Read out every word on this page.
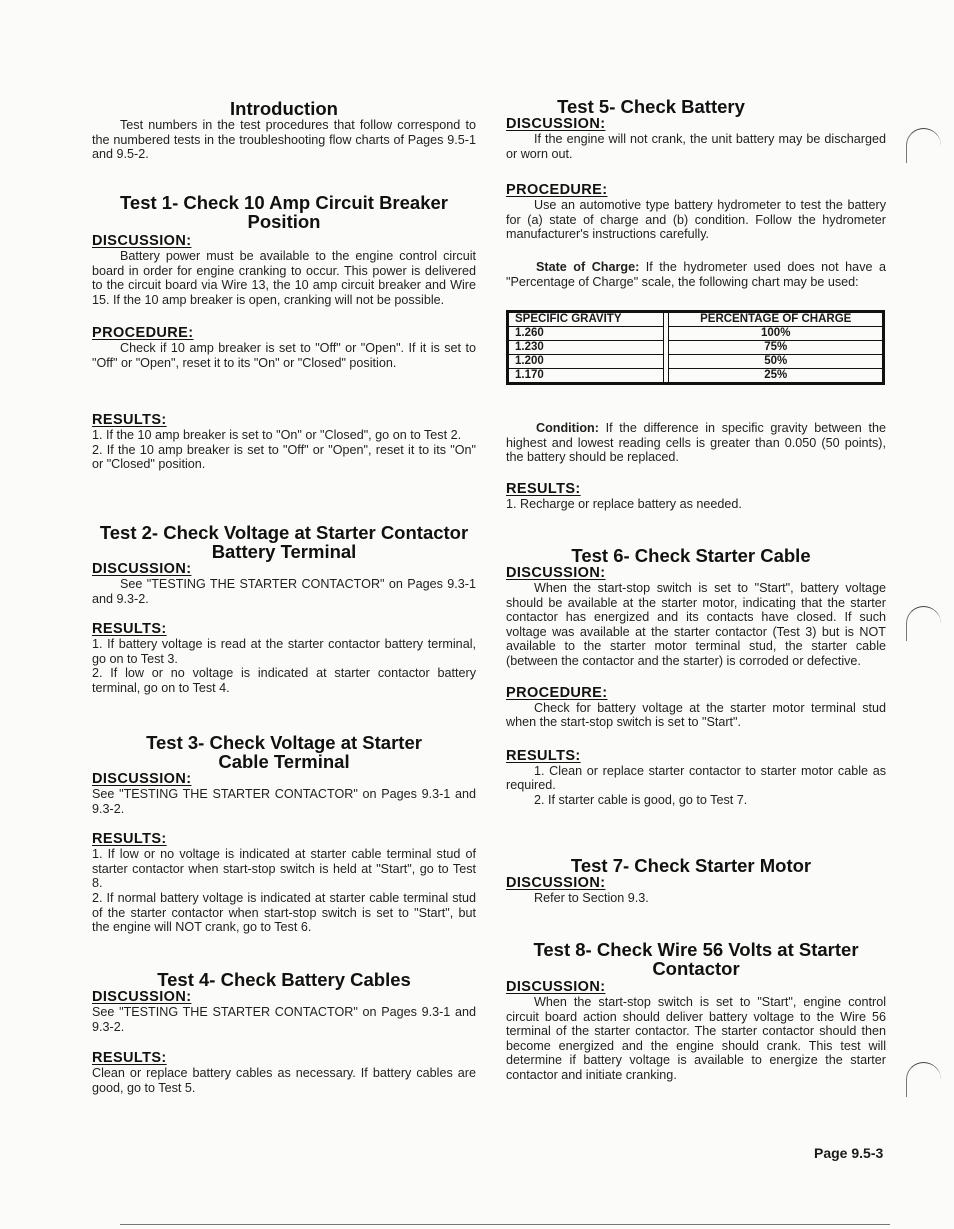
Introduction

Test numbers in the test procedures that follow correspond to the numbered tests in the troubleshooting flow charts of Pages 9.5-1 and 9.5-2.

Test 1- Check 10 Amp Circuit Breaker Position
DISCUSSION:

Battery power must be available to the engine control circuit board in order for engine cranking to occur. This power is delivered to the circuit board via Wire 13, the 10 amp circuit breaker and Wire 15. If the 10 amp breaker is open, cranking will not be possible.

PROCEDURE:

Check if 10 amp breaker is set to "Off" or "Open". If it is set to "Off" or "Open", reset it to its "On" or "Closed" position.

RESULTS:

1. If the 10 amp breaker is set to "On" or "Closed", go on to Test 2.

2. If the 10 amp breaker is set to "Off" or "Open", reset it to its "On" or "Closed" position.

Test 2- Check Voltage at Starter Contactor Battery Terminal
DISCUSSION:

See "TESTING THE STARTER CONTACTOR" on Pages 9.3-1 and 9.3-2.

RESULTS:

1. If battery voltage is read at the starter contactor battery terminal, go on to Test 3.

2. If low or no voltage is indicated at starter contactor battery terminal, go on to Test 4.

Test 3- Check Voltage at Starter Cable Terminal
DISCUSSION:

See "TESTING THE STARTER CONTACTOR" on Pages 9.3-1 and 9.3-2.

RESULTS:

1. If low or no voltage is indicated at starter cable terminal stud of starter contactor when start-stop switch is held at "Start", go to Test 8.

2. If normal battery voltage is indicated at starter cable terminal stud of the starter contactor when start-stop switch is set to "Start", but the engine will NOT crank, go to Test 6.

Test 4- Check Battery Cables
DISCUSSION:

See "TESTING THE STARTER CONTACTOR" on Pages 9.3-1 and 9.3-2.

RESULTS:

Clean or replace battery cables as necessary. If battery cables are good, go to Test 5.

Test 5- Check Battery
DISCUSSION:

If the engine will not crank, the unit battery may be discharged or worn out.

PROCEDURE:

Use an automotive type battery hydrometer to test the battery for (a) state of charge and (b) condition. Follow the hydrometer manufacturer's instructions carefully.

State of Charge: If the hydrometer used does not have a "Percentage of Charge" scale, the following chart may be used:

SPECIFIC GRAVITY		PERCENTAGE OF CHARGE
1.260		100%
1.230		75%
1.200		50%
1.170		25%

Condition: If the difference in specific gravity between the highest and lowest reading cells is greater than 0.050 (50 points), the battery should be replaced.

RESULTS:

1. Recharge or replace battery as needed.

Test 6- Check Starter Cable
DISCUSSION:

When the start-stop switch is set to "Start", battery voltage should be available at the starter motor, indicating that the starter contactor has energized and its contacts have closed. If such voltage was available at the starter contactor (Test 3) but is NOT available to the starter motor terminal stud, the starter cable (between the contactor and the starter) is corroded or defective.

PROCEDURE:

Check for battery voltage at the starter motor terminal stud when the start-stop switch is set to "Start".

RESULTS:

1. Clean or replace starter contactor to starter motor cable as required.

2. If starter cable is good, go to Test 7.

Test 7- Check Starter Motor
DISCUSSION:

Refer to Section 9.3.

Test 8- Check Wire 56 Volts at Starter Contactor
DISCUSSION:

When the start-stop switch is set to "Start", engine control circuit board action should deliver battery voltage to the Wire 56 terminal of the starter contactor. The starter contactor should then become energized and the engine should crank. This test will determine if battery voltage is available to energize the starter contactor and initiate cranking.

Page 9.5-3
